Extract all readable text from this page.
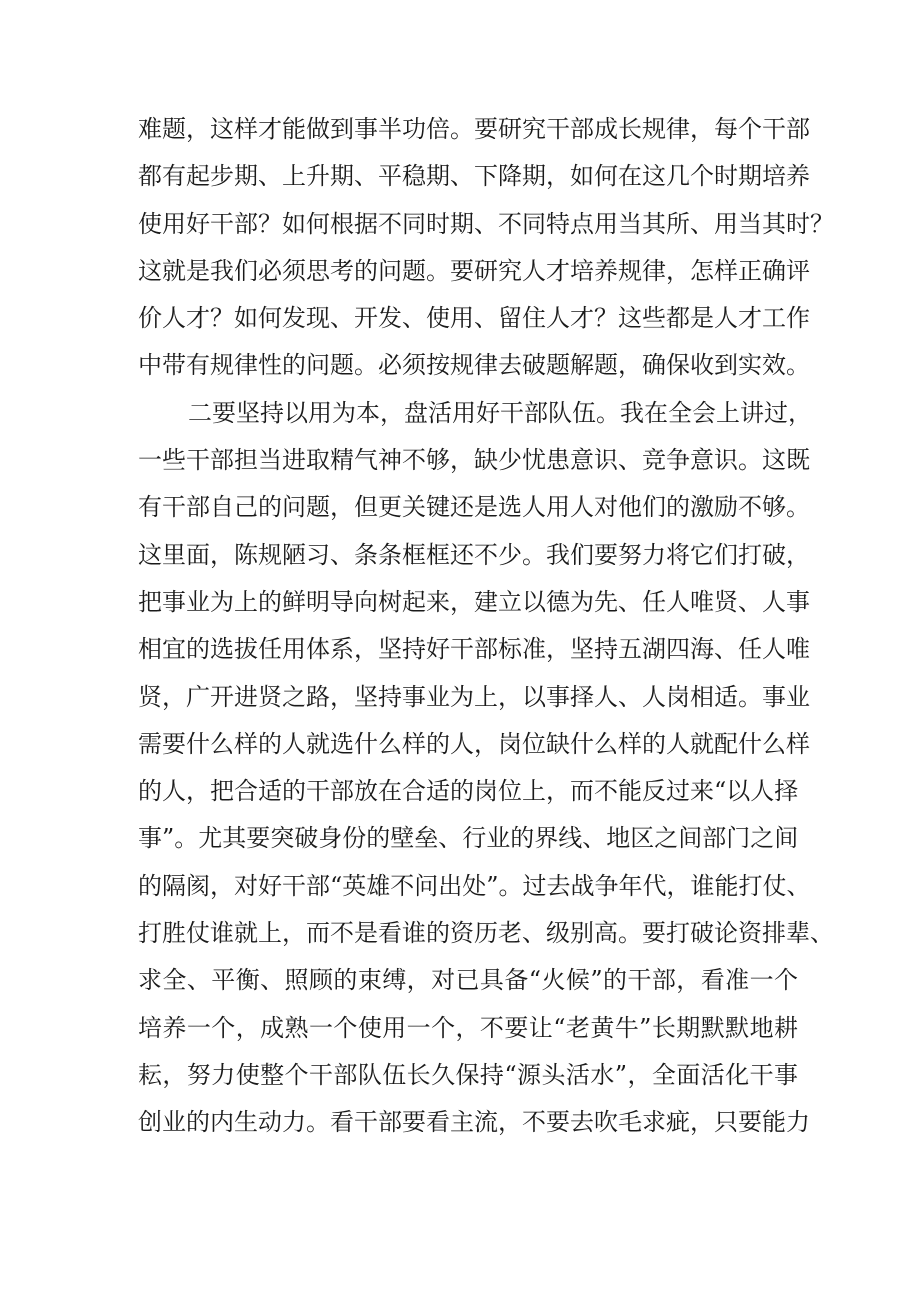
难题，这样才能做到事半功倍。要研究干部成长规律，每个干部
都有起步期、上升期、平稳期、下降期，如何在这几个时期培养
使用好干部？如何根据不同时期、不同特点用当其所、用当其时？
这就是我们必须思考的问题。要研究人才培养规律，怎样正确评
价人才？如何发现、开发、使用、留住人才？这些都是人才工作
中带有规律性的问题。必须按规律去破题解题，确保收到实效。
二要坚持以用为本，盘活用好干部队伍。我在全会上讲过，
一些干部担当进取精气神不够，缺少忧患意识、竞争意识。这既
有干部自己的问题，但更关键还是选人用人对他们的激励不够。
这里面，陈规陋习、条条框框还不少。我们要努力将它们打破，
把事业为上的鲜明导向树起来，建立以德为先、任人唯贤、人事
相宜的选拔任用体系，坚持好干部标准，坚持五湖四海、任人唯
贤，广开进贤之路，坚持事业为上，以事择人、人岗相适。事业
需要什么样的人就选什么样的人，岗位缺什么样的人就配什么样
的人，把合适的干部放在合适的岗位上，而不能反过来“以人择
事”。尤其要突破身份的壁垒、行业的界线、地区之间部门之间
的隔阂，对好干部“英雄不问出处”。过去战争年代，谁能打仗、
打胜仗谁就上，而不是看谁的资历老、级别高。要打破论资排辈、
求全、平衡、照顾的束缚，对已具备“火候”的干部，看准一个
培养一个，成熟一个使用一个，不要让“老黄牛”长期默默地耕
耘，努力使整个干部队伍长久保持“源头活水”，全面活化干事
创业的内生动力。看干部要看主流，不要去吹毛求疵，只要能力
